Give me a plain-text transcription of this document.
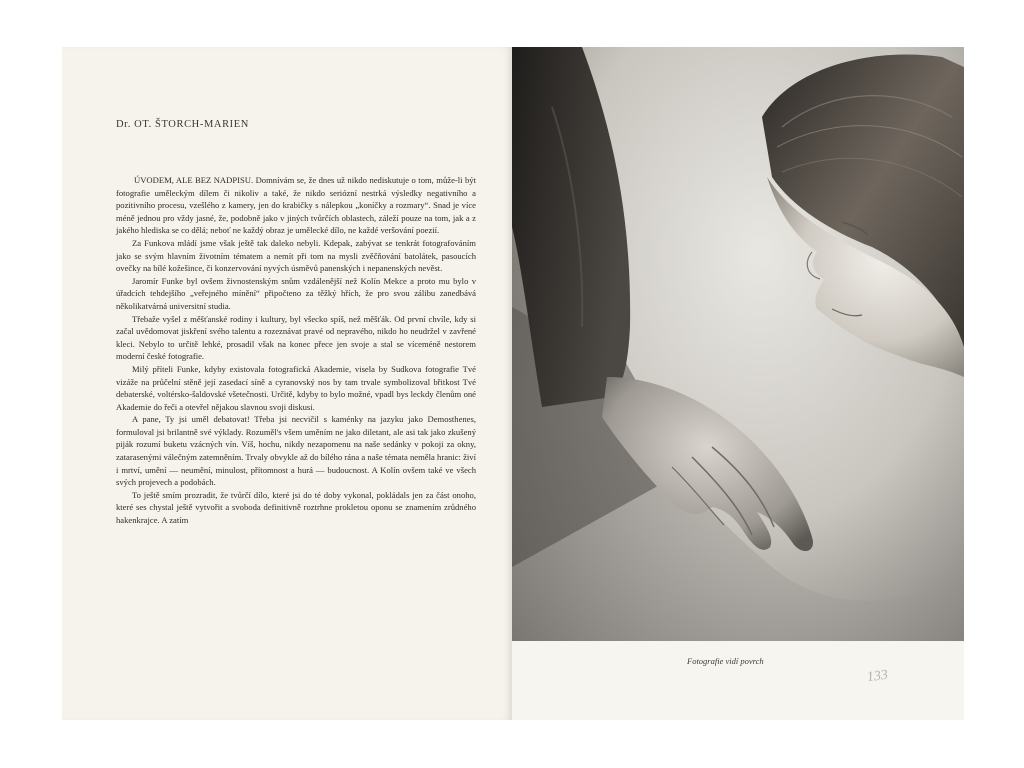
Dr. OT. ŠTORCH-MARIEN

ÚVODEM, ALE BEZ NADPISU. Domnívám se, že dnes už nikdo nediskutuje o tom, může-li být fotografie uměleckým dílem či nikoliv a také, že nikdo seriózní nestrká výsledky negativního a pozitivního procesu, vzešlého z kamery, jen do krabičky s nálepkou „koníčky a rozmary“. Snad je více méně jednou pro vždy jasné, že, podobně jako v jiných tvůrčích oblastech, záleží pouze na tom, jak a z jakého hlediska se co dělá; neboť ne každý obraz je umělecké dílo, ne každé veršování poezií.

Za Funkova mládí jsme však ještě tak daleko nebyli. Kdepak, zabývat se tenkrát fotografováním jako se svým hlavním životním tématem a nemít při tom na mysli zvěčňování batolátek, pasoucích ovečky na bílé kožešince, či konzervování nyvých úsměvů panenských i nepanenských nevěst.

Jaromír Funke byl ovšem živnostenským snům vzdálenější než Kolín Mekce a proto mu bylo v úřadcích tehdejšího „veřejného mínění“ připočteno za těžký hřích, že pro svou zálibu zanedbává několikatvárná universitní studia.

Třebaže vyšel z měšťanské rodiny i kultury, byl všecko spíš, než měšťák. Od první chvíle, kdy si začal uvědomovat jiskření svého talentu a rozeznávat pravé od nepravého, nikdo ho neudržel v zavřené kleci. Nebylo to určitě lehké, prosadil však na konec přece jen svoje a stal se víceméně nestorem moderní české fotografie.

Milý příteli Funke, kdyby existovala fotografická Akademie, visela by Sudkova fotografie Tvé vizáže na průčelní stěně její zasedací síně a cyranovský nos by tam trvale symbolizoval břitkost Tvé debaterské, voltérsko-šaldovské všetečnosti. Určitě, kdyby to bylo možné, vpadl bys leckdy členům oné Akademie do řeči a otevřel nějakou slavnou svoji diskusi.

A pane, Ty jsi uměl debatovat! Třeba jsi necvičil s kaménky na jazyku jako Demosthenes, formuloval jsi brilantně své výklady. Rozuměl's všem uměním ne jako diletant, ale asi tak jako zkušený piják rozumí buketu vzácných vín. Víš, hochu, nikdy nezapomenu na naše sedánky v pokoji za okny, zatarasenými válečným zatemněním. Trvaly obvykle až do bílého rána a naše témata neměla hranic: živí i mrtví, umění — neumění, minulost, přítomnost a hurá — budoucnost. A Kolín ovšem také ve všech svých projevech a podobách.

To ještě smím prozradit, že tvůrčí dílo, které jsi do té doby vykonal, pokládals jen za část onoho, které ses chystal ještě vytvořit a svoboda definitivně roztrhne prokletou oponu se znamením zrůdného hakenkrajce. A zatím

Fotografie vidí povrch
133
